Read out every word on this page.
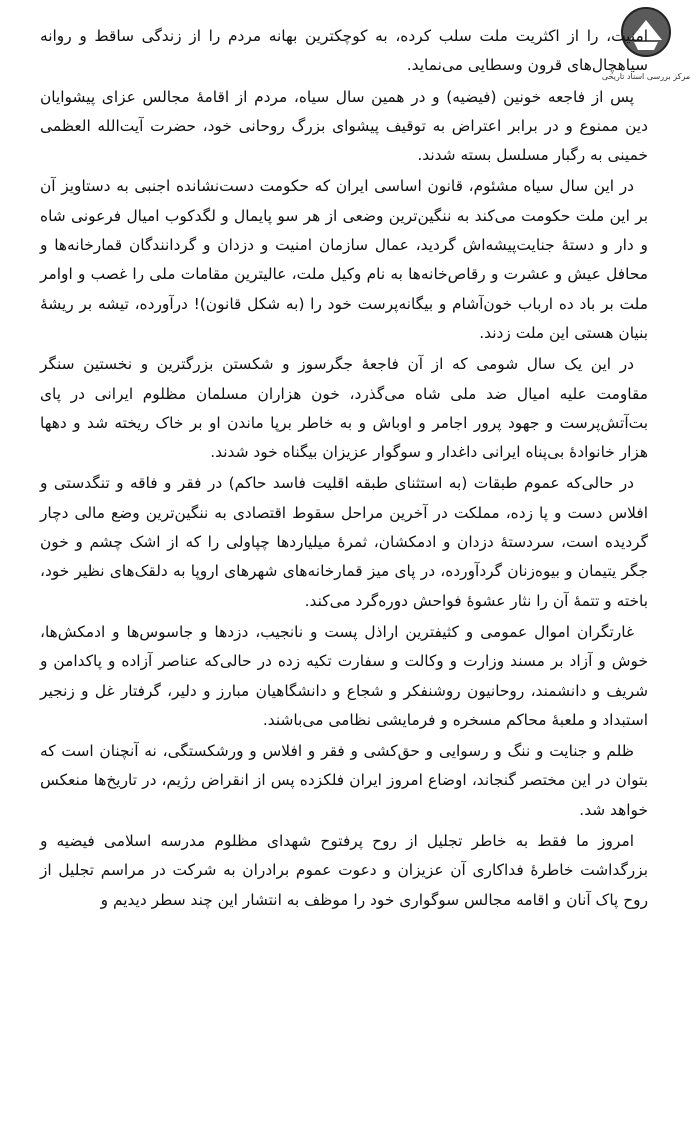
مرکز بررسی اسناد تاریخی

امنیت، را از اکثریت ملت سلب کرده، به کوچکترین بهانه مردم را از زندگی ساقط و روانه سیاهچال‌های قرون وسطایی می‌نماید.

پس از فاجعه خونین (فیضیه) و در همین سال سیاه، مردم از اقامهٔ مجالس عزای پیشوایان دین ممنوع و در برابر اعتراض به توقیف پیشوای بزرگ روحانی خود، حضرت آیت‌الله العظمی خمینی به رگبار مسلسل بسته شدند.

در این سال سیاه مشئوم، قانون اساسی ایران که حکومت دست‌نشانده اجنبی به دستاویز آن بر این ملت حکومت می‌کند به ننگین‌ترین وضعی از هر سو پایمال و لگدکوب امیال فرعونی شاه و دار و دستهٔ جنایت‌پیشه‌اش گردید، عمال سازمان امنیت و دزدان و گردانندگان قمارخانه‌ها و محافل عیش و عشرت و رقاص‌خانه‌ها به نام وکیل ملت، عالیترین مقامات ملی را غصب و اوامر ملت بر باد ده ارباب خون‌آشام و بیگانه‌پرست خود را (به شکل قانون)! درآورده، تیشه بر ریشهٔ بنیان هستی این ملت زدند.

در این یک سال شومی که از آن فاجعهٔ جگرسوز و شکستن بزرگترین و نخستین سنگر مقاومت علیه امیال ضد ملی شاه می‌گذرد، خون هزاران مسلمان مظلوم ایرانی در پای بت‌آتش‌پرست و جهود پرور اجامر و اوباش و به خاطر برپا ماندن او بر خاک ریخته شد و دهها هزار خانوادهٔ بی‌پناه ایرانی داغدار و سوگوار عزیزان بیگناه خود شدند.

در حالی‌که عموم طبقات (به استثنای طبقه اقلیت فاسد حاکم) در فقر و فاقه و تنگدستی و افلاس دست و پا زده، مملکت در آخرین مراحل سقوط اقتصادی به ننگین‌ترین وضع مالی دچار گردیده است، سردستهٔ دزدان و ادمکشان، ثمرهٔ میلیاردها چپاولی را که از اشک چشم و خون جگر یتیمان و بیوه‌زنان گردآورده، در پای میز قمارخانه‌های شهرهای اروپا به دلقک‌های نظیر خود، باخته و تتمهٔ آن را نثار عشوهٔ فواحش دوره‌گرد می‌کند.

غارتگران اموال عمومی و کثیفترین اراذل پست و نانجیب، دزدها و جاسوس‌ها و ادمکش‌ها، خوش و آزاد بر مسند وزارت و وکالت و سفارت تکیه زده در حالی‌که عناصر آزاده و پاکدامن و شریف و دانشمند، روحانیون روشنفکر و شجاع و دانشگاهیان مبارز و دلیر، گرفتار غل و زنجیر استبداد و ملعبهٔ محاکم مسخره و فرمایشی نظامی می‌باشند.

ظلم و جنایت و ننگ و رسوایی و حق‌کشی و فقر و افلاس و ورشکستگی، نه آنچنان است که بتوان در این مختصر گنجاند، اوضاع امروز ایران فلکزده پس از انقراض رژیم، در تاریخ‌ها منعکس خواهد شد.

امروز ما فقط به خاطر تجلیل از روح پرفتوح شهدای مظلوم مدرسه اسلامی فیضیه و بزرگداشت خاطرهٔ فداکاری آن عزیزان و دعوت عموم برادران به شرکت در مراسم تجلیل از روح پاک آنان و اقامه مجالس سوگواری خود را موظف به انتشار این چند سطر دیدیم و
